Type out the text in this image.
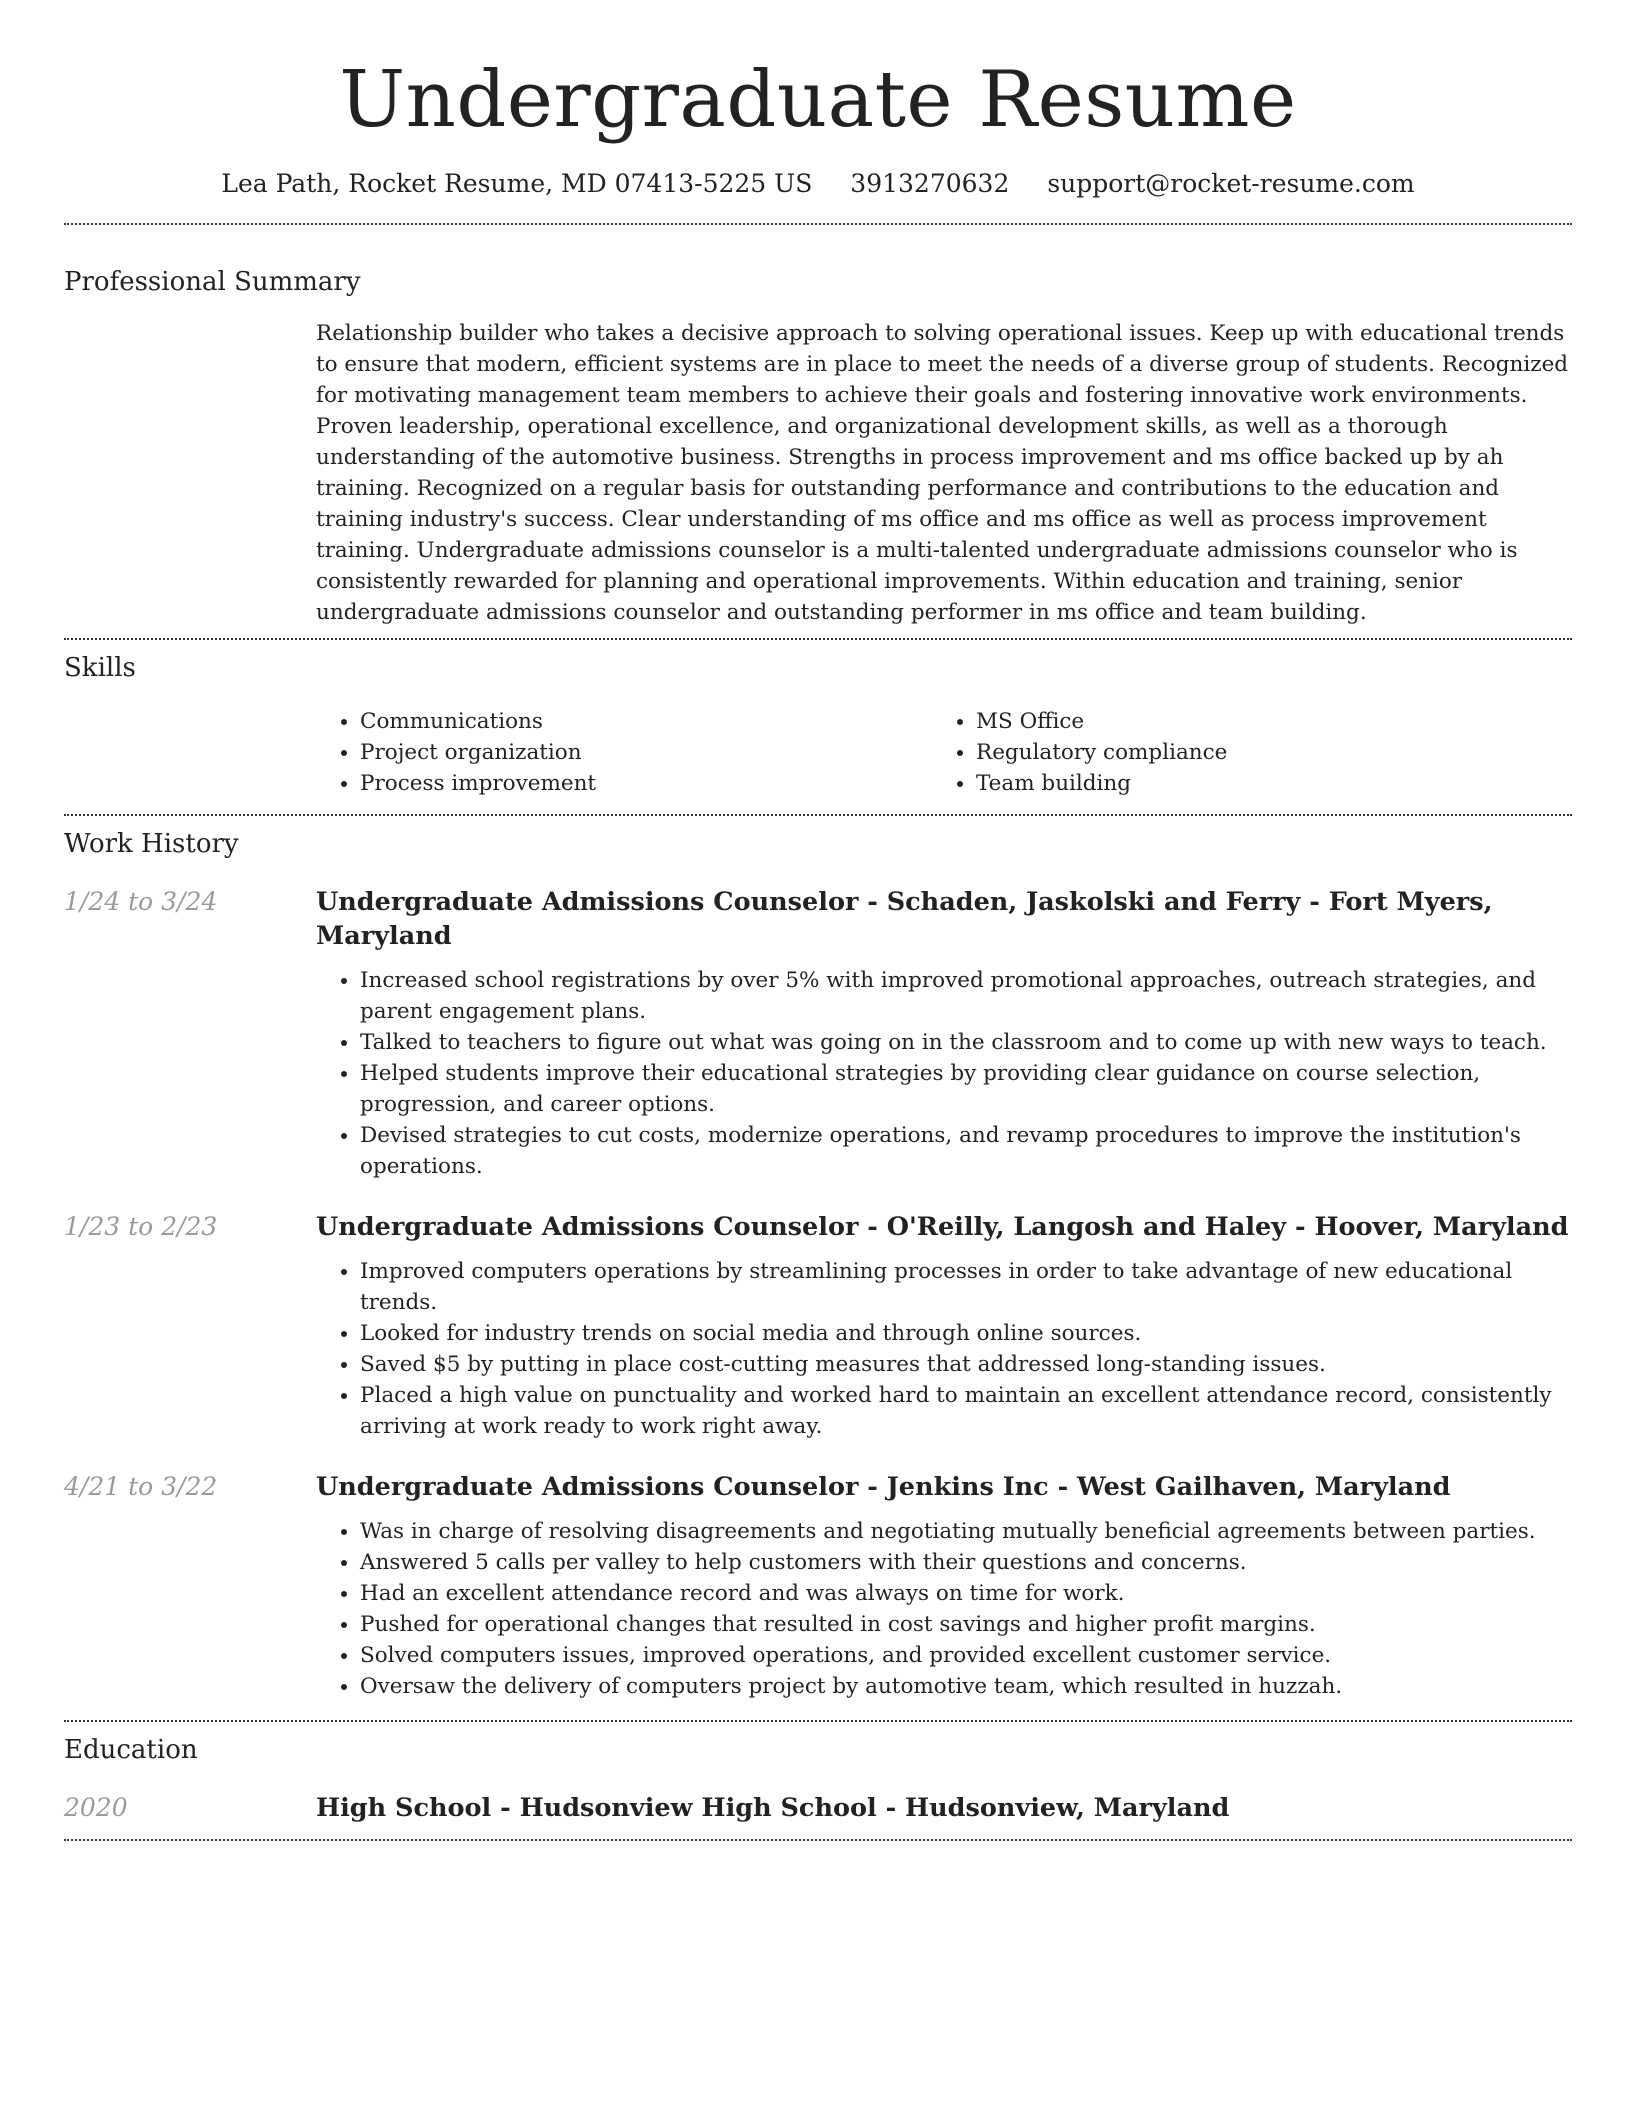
Undergraduate Resume
Lea Path, Rocket Resume, MD 07413-5225 US 3913270632 support@rocket-resume.com
Professional Summary

Relationship builder who takes a decisive approach to solving operational issues. Keep up with educational trends to ensure that modern, efficient systems are in place to meet the needs of a diverse group of students. Recognized for motivating management team members to achieve their goals and fostering innovative work environments. Proven leadership, operational excellence, and organizational development skills, as well as a thorough understanding of the automotive business. Strengths in process improvement and ms office backed up by ah training. Recognized on a regular basis for outstanding performance and contributions to the education and training industry's success. Clear understanding of ms office and ms office as well as process improvement training. Undergraduate admissions counselor is a multi-talented undergraduate admissions counselor who is consistently rewarded for planning and operational improvements. Within education and training, senior undergraduate admissions counselor and outstanding performer in ms office and team building.

Skills
• Communications
• Project organization
• Process improvement
• MS Office
• Regulatory compliance
• Team building
Work History
1/24 to 3/24	Undergraduate Admissions Counselor - Schaden, Jaskolski and Ferry - Fort Myers, Maryland
• Increased school registrations by over 5% with improved promotional approaches, outreach strategies, and parent engagement plans.
• Talked to teachers to figure out what was going on in the classroom and to come up with new ways to teach.
• Helped students improve their educational strategies by providing clear guidance on course selection, progression, and career options.
• Devised strategies to cut costs, modernize operations, and revamp procedures to improve the institution's operations.
1/23 to 2/23	Undergraduate Admissions Counselor - O'Reilly, Langosh and Haley - Hoover, Maryland
• Improved computers operations by streamlining processes in order to take advantage of new educational trends.
• Looked for industry trends on social media and through online sources.
• Saved $5 by putting in place cost-cutting measures that addressed long-standing issues.
• Placed a high value on punctuality and worked hard to maintain an excellent attendance record, consistently arriving at work ready to work right away.
4/21 to 3/22	Undergraduate Admissions Counselor - Jenkins Inc - West Gailhaven, Maryland
• Was in charge of resolving disagreements and negotiating mutually beneficial agreements between parties.
• Answered 5 calls per valley to help customers with their questions and concerns.
• Had an excellent attendance record and was always on time for work.
• Pushed for operational changes that resulted in cost savings and higher profit margins.
• Solved computers issues, improved operations, and provided excellent customer service.
• Oversaw the delivery of computers project by automotive team, which resulted in huzzah.
Education
2020	High School - Hudsonview High School - Hudsonview, Maryland
